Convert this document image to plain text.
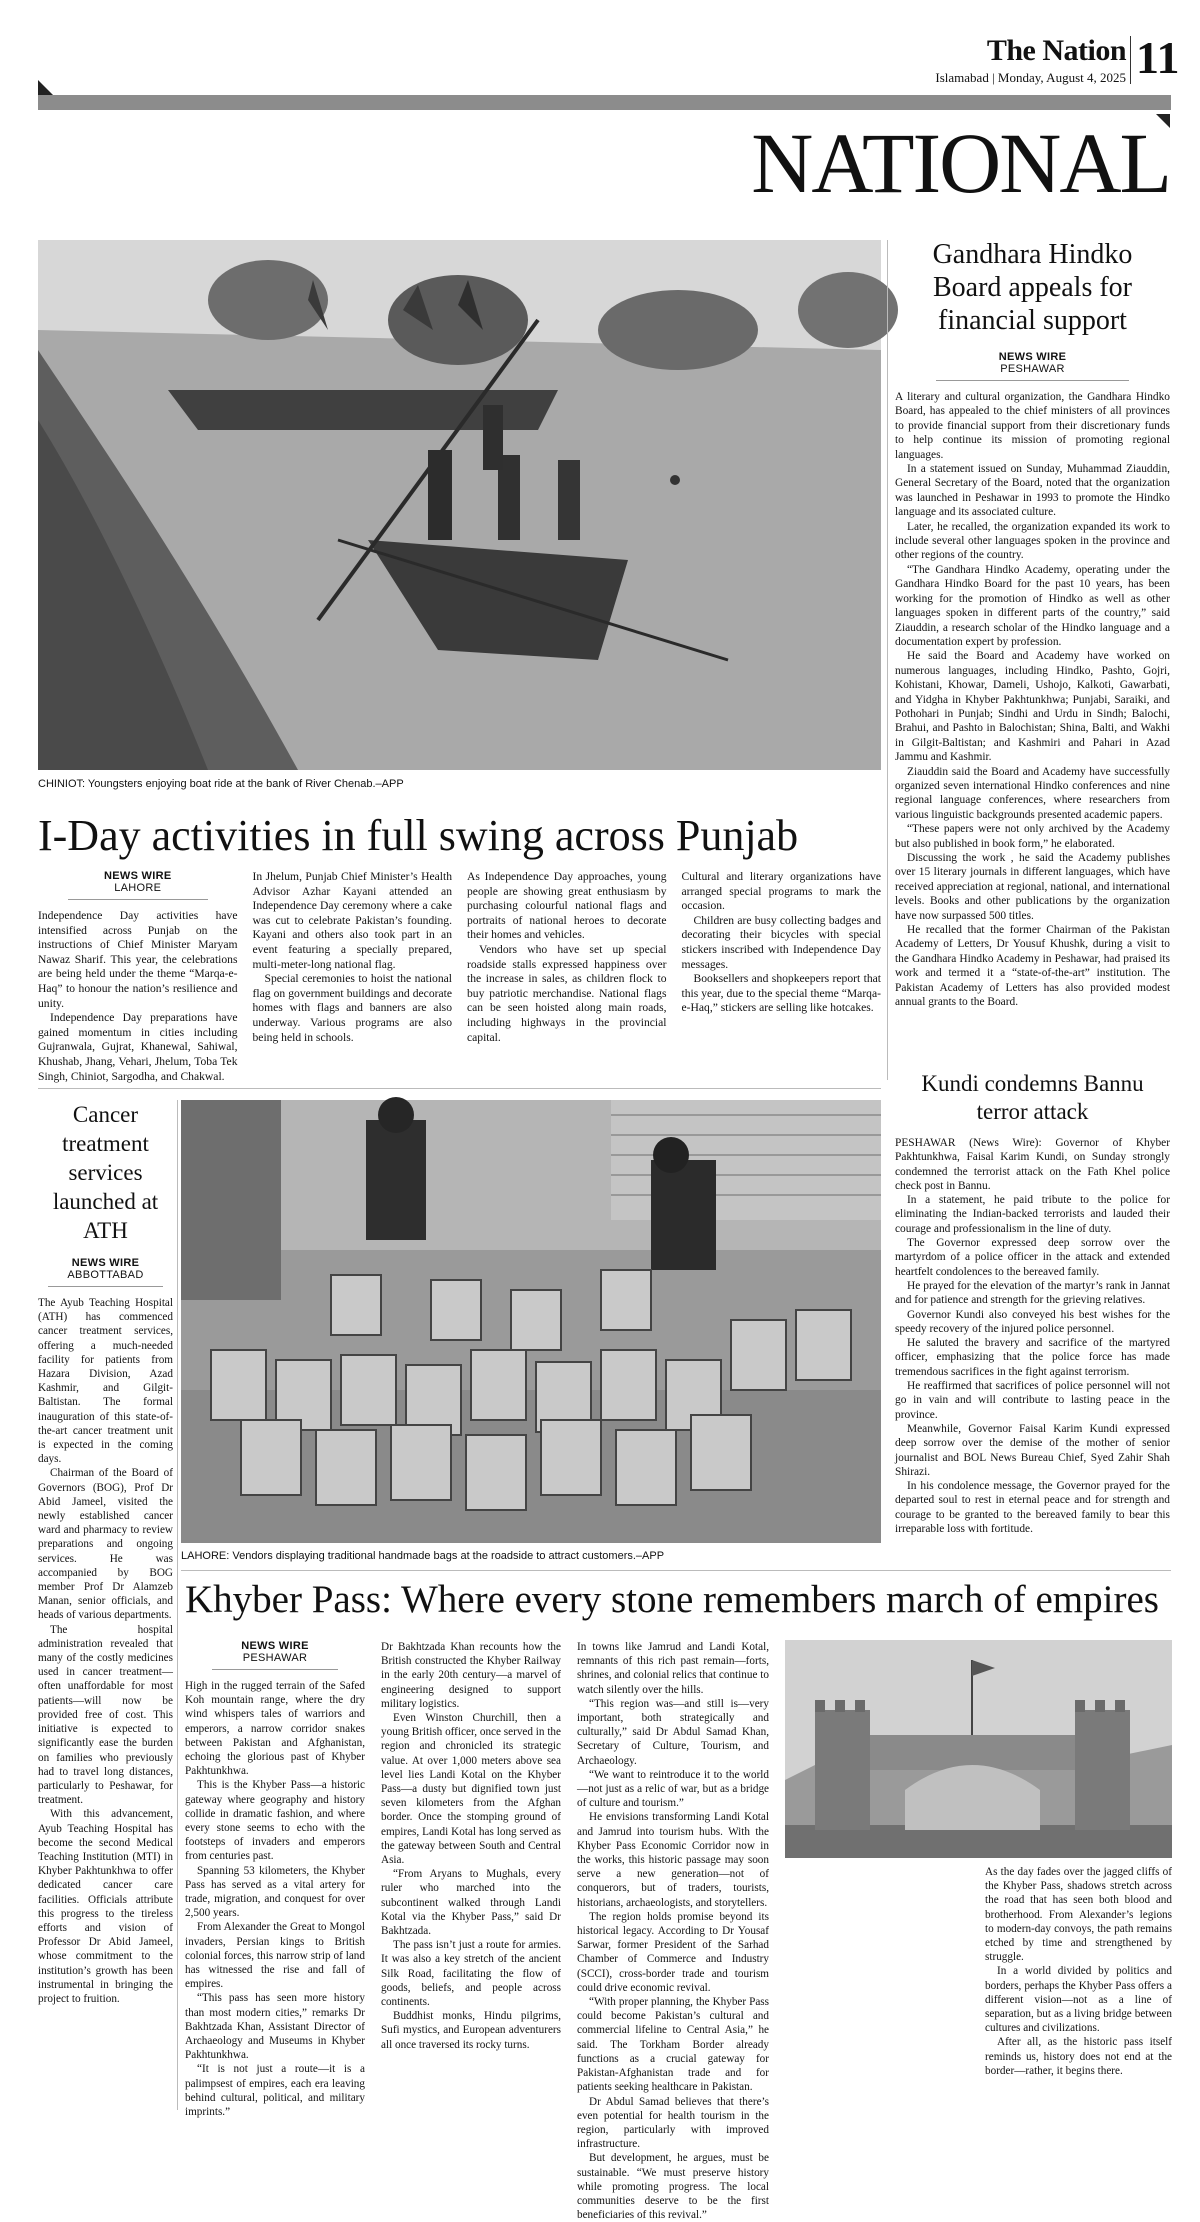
The Nation
Islamabad | Monday, August 4, 2025 11
NATIONAL
CHINIOT: Youngsters enjoying boat ride at the bank of River Chenab.–APP
Gandhara Hindko Board appeals for financial support
NEWS WIRE
PESHAWAR

A literary and cultural organization, the Gandhara Hindko Board, has appealed to the chief ministers of all provinces to provide financial support from their discretionary funds to help continue its mission of promoting regional languages.

In a statement issued on Sunday, Muhammad Ziauddin, General Secretary of the Board, noted that the organization was launched in Peshawar in 1993 to promote the Hindko language and its associated culture.

Later, he recalled, the organization expanded its work to include several other languages spoken in the province and other regions of the country.

“The Gandhara Hindko Academy, operating under the Gandhara Hindko Board for the past 10 years, has been working for the promotion of Hindko as well as other languages spoken in different parts of the country,” said Ziauddin, a research scholar of the Hindko language and a documentation expert by profession.

He said the Board and Academy have worked on numerous languages, including Hindko, Pashto, Gojri, Kohistani, Khowar, Dameli, Ushojo, Kalkoti, Gawarbati, and Yidgha in Khyber Pakhtunkhwa; Punjabi, Saraiki, and Pothohari in Punjab; Sindhi and Urdu in Sindh; Balochi, Brahui, and Pashto in Balochistan; Shina, Balti, and Wakhi in Gilgit-Baltistan; and Kashmiri and Pahari in Azad Jammu and Kashmir.

Ziauddin said the Board and Academy have successfully organized seven international Hindko conferences and nine regional language conferences, where researchers from various linguistic backgrounds presented academic papers.

“These papers were not only archived by the Academy but also published in book form,” he elaborated.

Discussing the work , he said the Academy publishes over 15 literary journals in different languages, which have received appreciation at regional, national, and international levels. Books and other publications by the organization have now surpassed 500 titles.

He recalled that the former Chairman of the Pakistan Academy of Letters, Dr Yousuf Khushk, during a visit to the Gandhara Hindko Academy in Peshawar, had praised its work and termed it a “state-of-the-art” institution. The Pakistan Academy of Letters has also provided modest annual grants to the Board.

I-Day activities in full swing across Punjab
NEWS WIRE
LAHORE

Independence Day activities have intensified across Punjab on the instructions of Chief Minister Maryam Nawaz Sharif. This year, the celebrations are being held under the theme “Marqa-e-Haq” to honour the nation’s resilience and unity.

Independence Day preparations have gained momentum in cities including Gujranwala, Gujrat, Khanewal, Sahiwal, Khushab, Jhang, Vehari, Jhelum, Toba Tek Singh, Chiniot, Sargodha, and Chakwal.

In Jhelum, Punjab Chief Minister’s Health Advisor Azhar Kayani attended an Independence Day ceremony where a cake was cut to celebrate Pakistan’s founding. Kayani and others also took part in an event featuring a specially prepared, multi-meter-long national flag.

Special ceremonies to hoist the national flag on government buildings and decorate homes with flags and banners are also underway. Various programs are also being held in schools.

As Independence Day approaches, young people are showing great enthusiasm by purchasing colourful national flags and portraits of national heroes to decorate their homes and vehicles.

Vendors who have set up special roadside stalls expressed happiness over the increase in sales, as children flock to buy patriotic merchandise. National flags can be seen hoisted along main roads, including highways in the provincial capital.

Cultural and literary organizations have arranged special programs to mark the occasion.

Children are busy collecting badges and decorating their bicycles with special stickers inscribed with Independence Day messages.

Booksellers and shopkeepers report that this year, due to the special theme “Marqa-e-Haq,” stickers are selling like hotcakes.

Kundi condemns Bannu terror attack

PESHAWAR (News Wire): Governor of Khyber Pakhtunkhwa, Faisal Karim Kundi, on Sunday strongly condemned the terrorist attack on the Fath Khel police check post in Bannu.

In a statement, he paid tribute to the police for eliminating the Indian-backed terrorists and lauded their courage and professionalism in the line of duty.

The Governor expressed deep sorrow over the martyrdom of a police officer in the attack and extended heartfelt condolences to the bereaved family.

He prayed for the elevation of the martyr’s rank in Jannat and for patience and strength for the grieving relatives.

Governor Kundi also conveyed his best wishes for the speedy recovery of the injured police personnel.

He saluted the bravery and sacrifice of the martyred officer, emphasizing that the police force has made tremendous sacrifices in the fight against terrorism.

He reaffirmed that sacrifices of police personnel will not go in vain and will contribute to lasting peace in the province.

Meanwhile, Governor Faisal Karim Kundi expressed deep sorrow over the demise of the mother of senior journalist and BOL News Bureau Chief, Syed Zahir Shah Shirazi.

In his condolence message, the Governor prayed for the departed soul to rest in eternal peace and for strength and courage to be granted to the bereaved family to bear this irreparable loss with fortitude.

Cancer treatment services launched at ATH
NEWS WIRE
ABBOTTABAD

The Ayub Teaching Hospital (ATH) has commenced cancer treatment services, offering a much-needed facility for patients from Hazara Division, Azad Kashmir, and Gilgit-Baltistan. The formal inauguration of this state-of-the-art cancer treatment unit is expected in the coming days.

Chairman of the Board of Governors (BOG), Prof Dr Abid Jameel, visited the newly established cancer ward and pharmacy to review preparations and ongoing services. He was accompanied by BOG member Prof Dr Alamzeb Manan, senior officials, and heads of various departments.

The hospital administration revealed that many of the costly medicines used in cancer treatment—often unaffordable for most patients—will now be provided free of cost. This initiative is expected to significantly ease the burden on families who previously had to travel long distances, particularly to Peshawar, for treatment.

With this advancement, Ayub Teaching Hospital has become the second Medical Teaching Institution (MTI) in Khyber Pakhtunkhwa to offer dedicated cancer care facilities. Officials attribute this progress to the tireless efforts and vision of Professor Dr Abid Jameel, whose commitment to the institution’s growth has been instrumental in bringing the project to fruition.

LAHORE: Vendors displaying traditional handmade bags at the roadside to attract customers.–APP
Khyber Pass: Where every stone remembers march of empires
NEWS WIRE
PESHAWAR

High in the rugged terrain of the Safed Koh mountain range, where the dry wind whispers tales of warriors and emperors, a narrow corridor snakes between Pakistan and Afghanistan, echoing the glorious past of Khyber Pakhtunkhwa.

This is the Khyber Pass—a historic gateway where geography and history collide in dramatic fashion, and where every stone seems to echo with the footsteps of invaders and emperors from centuries past.

Spanning 53 kilometers, the Khyber Pass has served as a vital artery for trade, migration, and conquest for over 2,500 years.

From Alexander the Great to Mongol invaders, Persian kings to British colonial forces, this narrow strip of land has witnessed the rise and fall of empires.

“This pass has seen more history than most modern cities,” remarks Dr Bakhtzada Khan, Assistant Director of Archaeology and Museums in Khyber Pakhtunkhwa.

“It is not just a route—it is a palimpsest of empires, each era leaving behind cultural, political, and military imprints.”

Dr Bakhtzada Khan recounts how the British constructed the Khyber Railway in the early 20th century—a marvel of engineering designed to support military logistics.

Even Winston Churchill, then a young British officer, once served in the region and chronicled its strategic value. At over 1,000 meters above sea level lies Landi Kotal on the Khyber Pass—a dusty but dignified town just seven kilometers from the Afghan border. Once the stomping ground of empires, Landi Kotal has long served as the gateway between South and Central Asia.

“From Aryans to Mughals, every ruler who marched into the subcontinent walked through Landi Kotal via the Khyber Pass,” said Dr Bakhtzada.

The pass isn’t just a route for armies. It was also a key stretch of the ancient Silk Road, facilitating the flow of goods, beliefs, and people across continents.

Buddhist monks, Hindu pilgrims, Sufi mystics, and European adventurers all once traversed its rocky turns.

In towns like Jamrud and Landi Kotal, remnants of this rich past remain—forts, shrines, and colonial relics that continue to watch silently over the hills.

“This region was—and still is—very important, both strategically and culturally,” said Dr Abdul Samad Khan, Secretary of Culture, Tourism, and Archaeology.

“We want to reintroduce it to the world—not just as a relic of war, but as a bridge of culture and tourism.”

He envisions transforming Landi Kotal and Jamrud into tourism hubs. With the Khyber Pass Economic Corridor now in the works, this historic passage may soon serve a new generation—not of conquerors, but of traders, tourists, historians, archaeologists, and storytellers.

The region holds promise beyond its historical legacy. According to Dr Yousaf Sarwar, former President of the Sarhad Chamber of Commerce and Industry (SCCI), cross-border trade and tourism could drive economic revival.

“With proper planning, the Khyber Pass could become Pakistan’s cultural and commercial lifeline to Central Asia,” he said. The Torkham Border already functions as a crucial gateway for Pakistan-Afghanistan trade and for patients seeking healthcare in Pakistan.

Dr Abdul Samad believes that there’s even potential for health tourism in the region, particularly with improved infrastructure.

But development, he argues, must be sustainable. “We must preserve history while promoting progress. The local communities deserve to be the first beneficiaries of this revival.”

As the day fades over the jagged cliffs of the Khyber Pass, shadows stretch across the road that has seen both blood and brotherhood. From Alexander’s legions to modern-day convoys, the path remains etched by time and strengthened by struggle.

In a world divided by politics and borders, perhaps the Khyber Pass offers a different vision—not as a line of separation, but as a living bridge between cultures and civilizations.

After all, as the historic pass itself reminds us, history does not end at the border—rather, it begins there.
